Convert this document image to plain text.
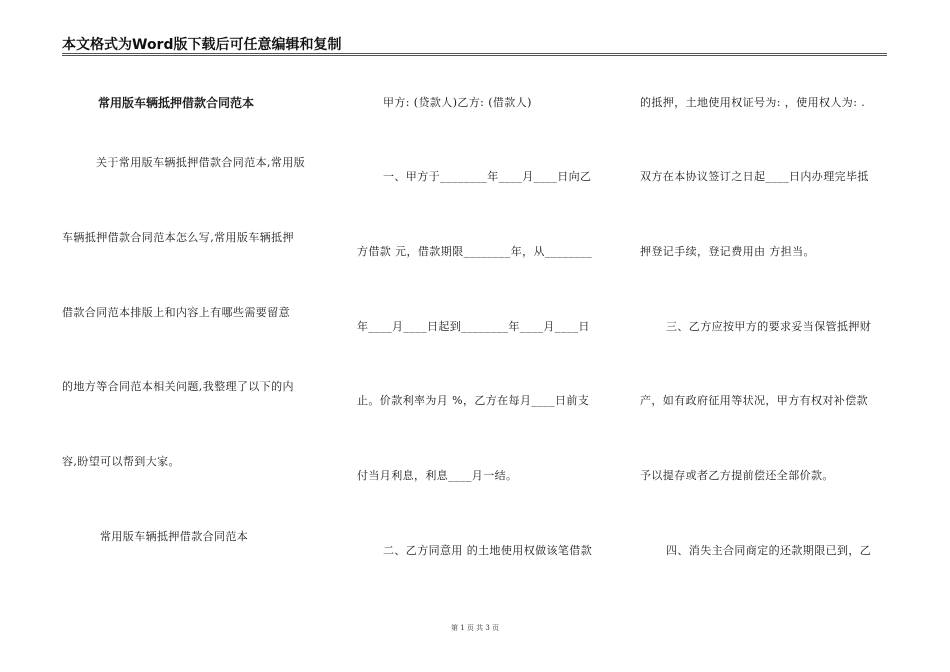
本文格式为Word版下载后可任意编辑和复制
常用版车辆抵押借款合同范本
关于常用版车辆抵押借款合同范本,常用版
车辆抵押借款合同范本怎么写,常用版车辆抵押
借款合同范本排版上和内容上有哪些需要留意
的地方等合同范本相关问题,我整理了以下的内
容,盼望可以帮到大家。
常用版车辆抵押借款合同范本
甲方: (贷款人)乙方: (借款人)
一、甲方于________年____月____日向乙
方借款 元，借款期限________年，从________
年____月____日起到________年____月____日
止。价款利率为月 %，乙方在每月____日前支
付当月利息，利息____月一结。
二、乙方同意用 的土地使用权做该笔借款
的抵押，土地使用权证号为: ，使用权人为: .
双方在本协议签订之日起____日内办理完毕抵
押登记手续，登记费用由 方担当。
三、乙方应按甲方的要求妥当保管抵押财
产，如有政府征用等状况，甲方有权对补偿款
予以提存或者乙方提前偿还全部价款。
四、消失主合同商定的还款期限已到，乙
第 1 页 共 3 页
